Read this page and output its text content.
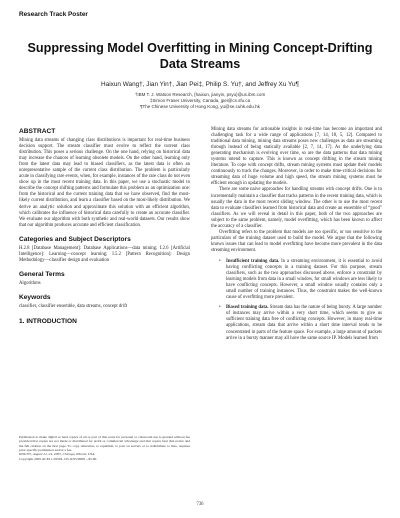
Research Track Poster
Suppressing Model Overfitting in Mining Concept-Drifting
Data Streams
Haixun Wang†, Jian Yin†, Jian Pei‡, Philip S. Yu†, and Jeffrey Xu Yu¶
†IBM T. J. Watson Research, {haixun, jianyin, psyu}@us.ibm.com
‡Simon Fraser University, Canada, jpei@cs.sfu.ca
¶The Chinese University of Hong Kong, yu@se.cuhk.edu.hk
ABSTRACT

Mining data streams of changing class distributions is important for real-time business decision support. The stream classifier must evolve to reflect the current class distribution. This poses a serious challenge. On the one hand, relying on historical data may increase the chances of learning obsolete models. On the other hand, learning only from the latest data may lead to biased classifiers, as the latest data is often an unrepresentative sample of the current class distribution. The problem is particularly acute in classifying rare events, when, for example, instances of the rare class do not even show up in the most recent training data. In this paper, we use a stochastic model to describe the concept shifting patterns and formulate this problem as an optimization one: from the historical and the current training data that we have observed, find the most-likely current distribution, and learn a classifier based on the most-likely distribution. We derive an analytic solution and approximate this solution with an efficient algorithm, which calibrates the influence of historical data carefully to create an accurate classifier. We evaluate our algorithm with both synthetic and real-world datasets. Our results show that our algorithm produces accurate and efficient classification.

Categories and Subject Descriptors

H.2.8 [Database Management]: Database Applications—data mining; I.2.6 [Artificial Intelligence]: Learning—concept learning; I.5.2 [Pattern Recognition]: Design Methodology—classifier design and evaluation

General Terms

Algorithms

Keywords

classifier, classifier ensemble, data streams, concept drift

1. INTRODUCTION
Permission to make digital or hard copies of all or part of this work for personal or classroom use is granted without fee provided that copies are not made or distributed for profit or commercial advantage and that copies bear this notice and the full citation on the first page. To copy otherwise, to republish, to post on servers or to redistribute to lists, requires prior specific permission and/or a fee.
KDD’05, August 21–24, 2005, Chicago, Illinois, USA.
Copyright 2005 ACM 1-59593-135-X/05/0008 ...$5.00.

Mining data streams for actionable insights in real-time has become an important and challenging task for a wide range of applications [7, 14, 18, 5, 12]. Compared to traditional data mining, mining data streams poses new challenges as data are streaming through instead of being statically available [2, 7, 14, 17]. As the underlying data generating mechanism is evolving over time, so are the data patterns that data mining systems intend to capture. This is known as concept drifting in the stream mining literature. To cope with concept drifts, stream mining systems must update their models continuously to track the changes. Moreover, in order to make time-critical decisions for streaming data of huge volume and high speed, the stream mining systems must be efficient enough in updating the models.

There are some naive approaches for handling streams with concept drifts. One is to incrementally maintain a classifier that tracks patterns in the recent training data, which is usually the data in the most recent sliding window. The other is to use the most recent data to evaluate classifiers learned from historical data and create an ensemble of “good” classifiers. As we will reveal in detail in this paper, both of the two approaches are subject to the same problem, namely, model overfitting, which has been known to affect the accuracy of a classifier.

Overfitting refers to the problem that models are too specific, or too sensitive to the particulars of the training dataset used to build the model. We argue that the following known issues that can lead to model overfitting have become more prevalent in the data streaming environment.

• Insufficient training data. In a streaming environment, it is essential to avoid having conflicting concepts in a training dataset. For this purpose, stream classifiers, such as the two approaches discussed above, enforce a constraint by learning models from data in a small window, for small windows are less likely to have conflicting concepts. However, a small window usually contains only a small number of training instances. Thus, the constraint makes the well-known cause of overfitting more prevalent.
• Biased training data. Stream data has the nature of being bursty. A large number of instances may arrive within a very short time, which seems to give us sufficient training data free of conflicting concepts. However, in many real-time applications, stream data that arrive within a short time interval tends to be concentrated in parts of the feature space. For example, a large amount of packets arrive in a bursty manner may all have the same source IP. Models learned from
736
